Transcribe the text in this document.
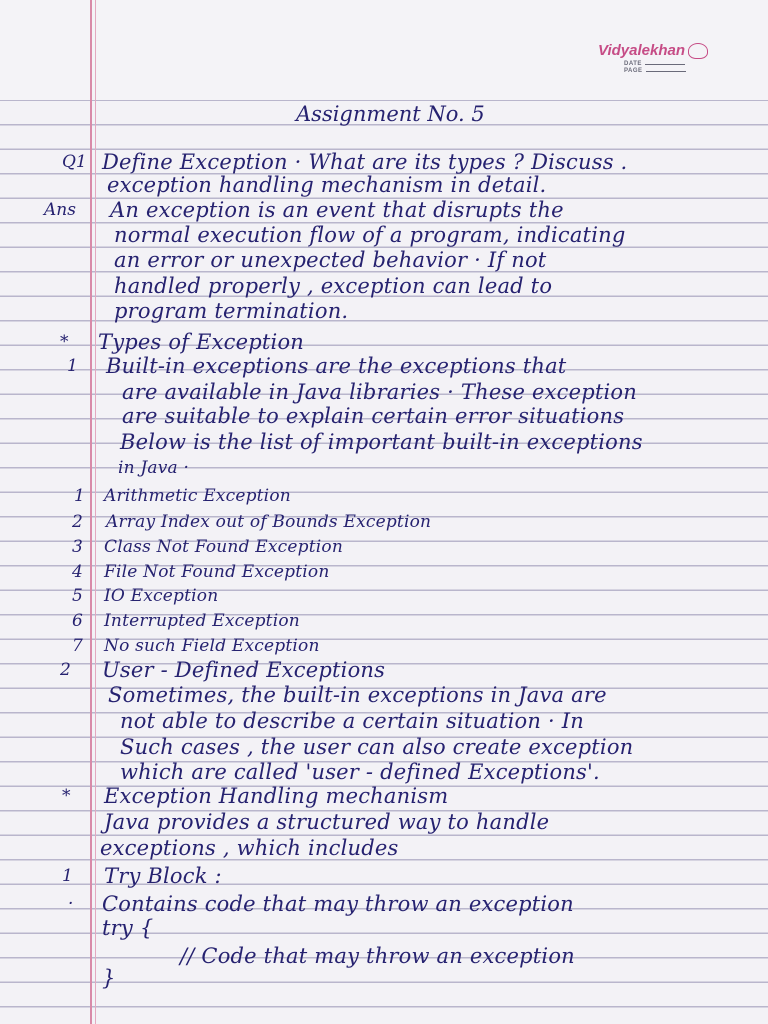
Vidyalekhan
DATE
PAGE
Assignment No. 5
Q1
Ans
*
1
1
2
3
4
5
6
7
2
*
1
·
Define Exception · What are its types ? Discuss .
exception handling mechanism in detail.
An exception is an event that disrupts the
normal execution flow of a program, indicating
an error or unexpected behavior · If not
handled properly , exception can lead to
program termination.
Types of Exception
Built-in exceptions are the exceptions that
are available in Java libraries · These exception
are suitable to explain certain error situations
Below is the list of important built-in exceptions
in Java ·
Arithmetic Exception
Array Index out of Bounds Exception
Class Not Found Exception
File Not Found Exception
IO Exception
Interrupted Exception
No such Field Exception
User - Defined Exceptions
Sometimes, the built-in exceptions in Java are
not able to describe a certain situation · In
Such cases , the user can also create exception
which are called 'user - defined Exceptions'.
Exception Handling mechanism
Java provides a structured way to handle
exceptions , which includes
Try Block :
Contains code that may throw an exception
try {
// Code that may throw an exception
}
